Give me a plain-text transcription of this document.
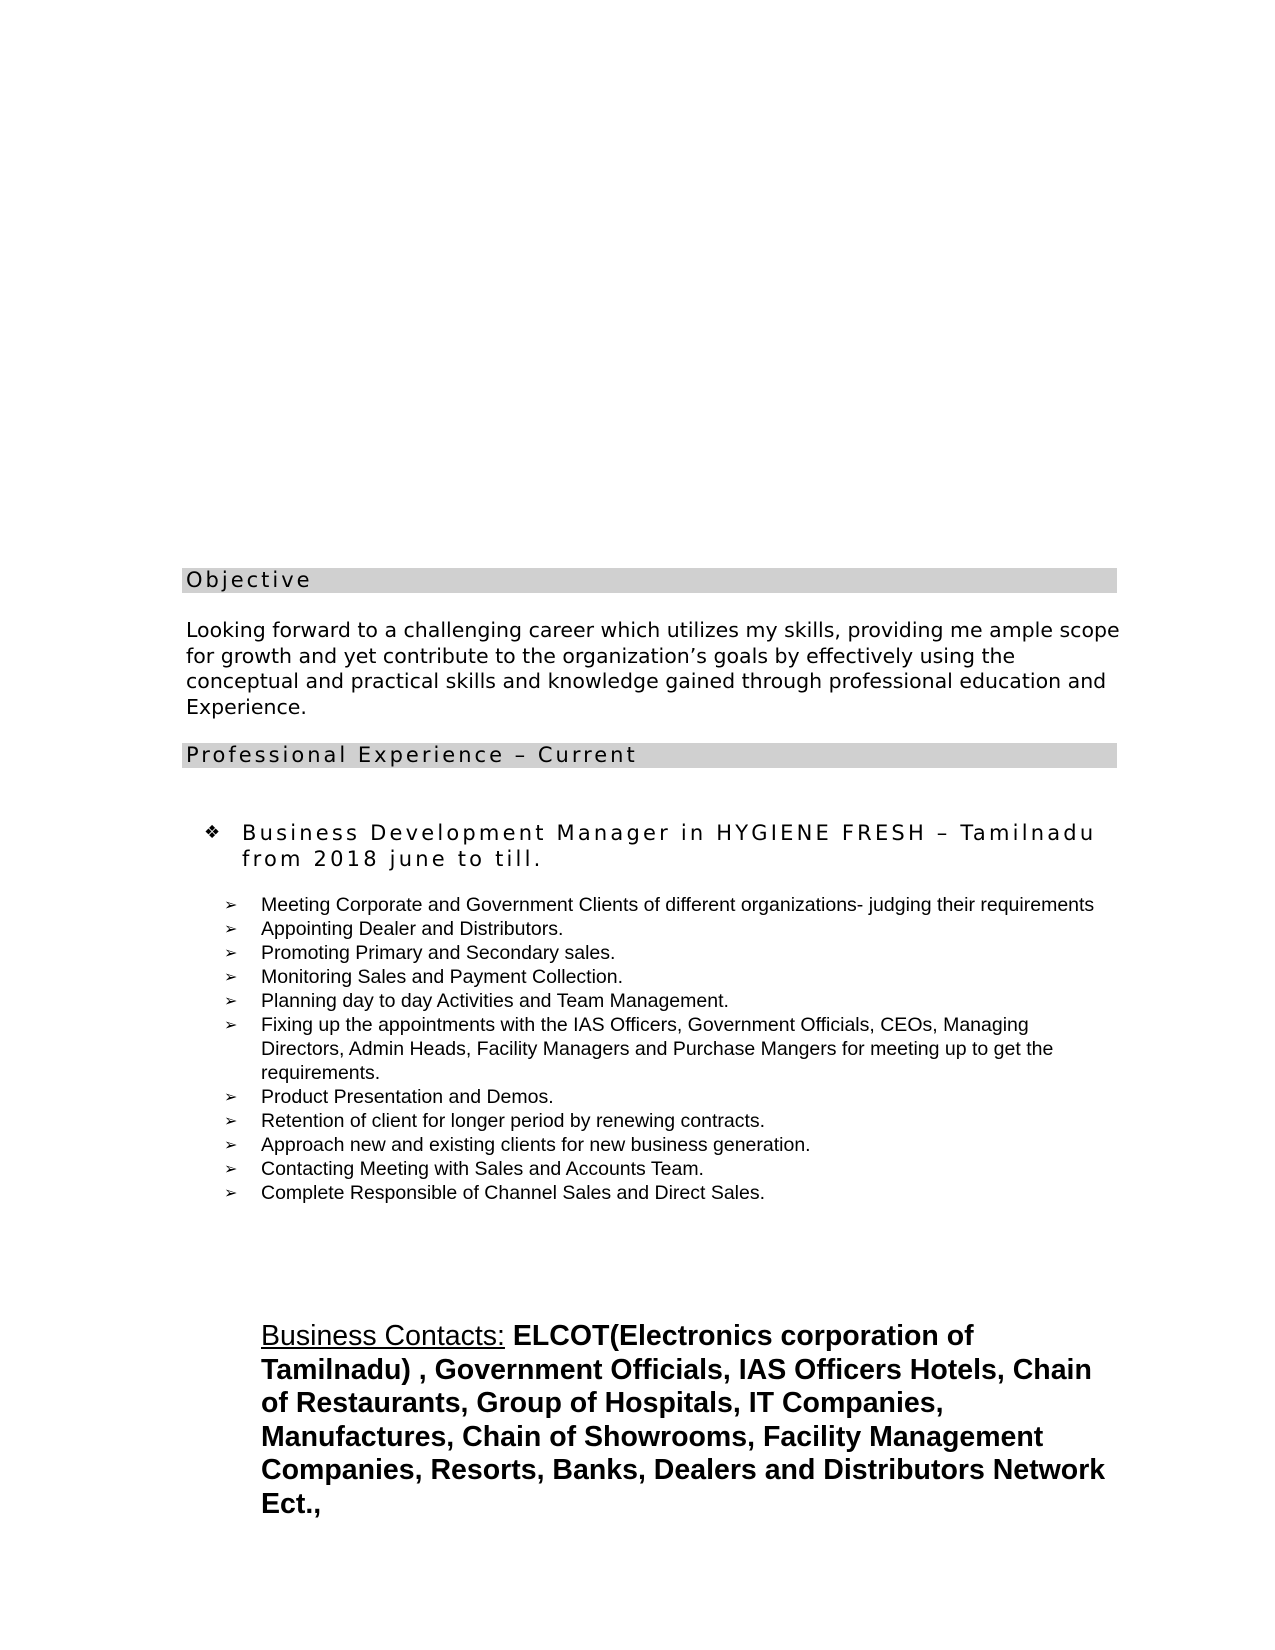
Objective
Looking forward to a challenging career which utilizes my skills, providing me ample scope for growth and yet contribute to the organization’s goals by effectively using the conceptual and practical skills and knowledge gained through professional education and Experience.
Professional Experience – Current
❖	Business Development Manager in HYGIENE FRESH – Tamilnadu from 2018 june to till.
➢ Meeting Corporate and Government Clients of different organizations- judging their requirements
➢ Appointing Dealer and Distributors.
➢ Promoting Primary and Secondary sales.
➢ Monitoring Sales and Payment Collection.
➢ Planning day to day Activities and Team Management.
➢ Fixing up the appointments with the IAS Officers, Government Officials, CEOs, Managing Directors, Admin Heads, Facility Managers and Purchase Mangers for meeting up to get the requirements.
➢ Product Presentation and Demos.
➢ Retention of client for longer period by renewing contracts.
➢ Approach new and existing clients for new business generation.
➢ Contacting Meeting with Sales and Accounts Team.
➢ Complete Responsible of Channel Sales and Direct Sales.
Business Contacts: ELCOT(Electronics corporation of Tamilnadu) , Government Officials, IAS Officers Hotels, Chain of Restaurants, Group of Hospitals, IT Companies, Manufactures, Chain of Showrooms, Facility Management Companies, Resorts, Banks, Dealers and Distributors Network Ect.,
